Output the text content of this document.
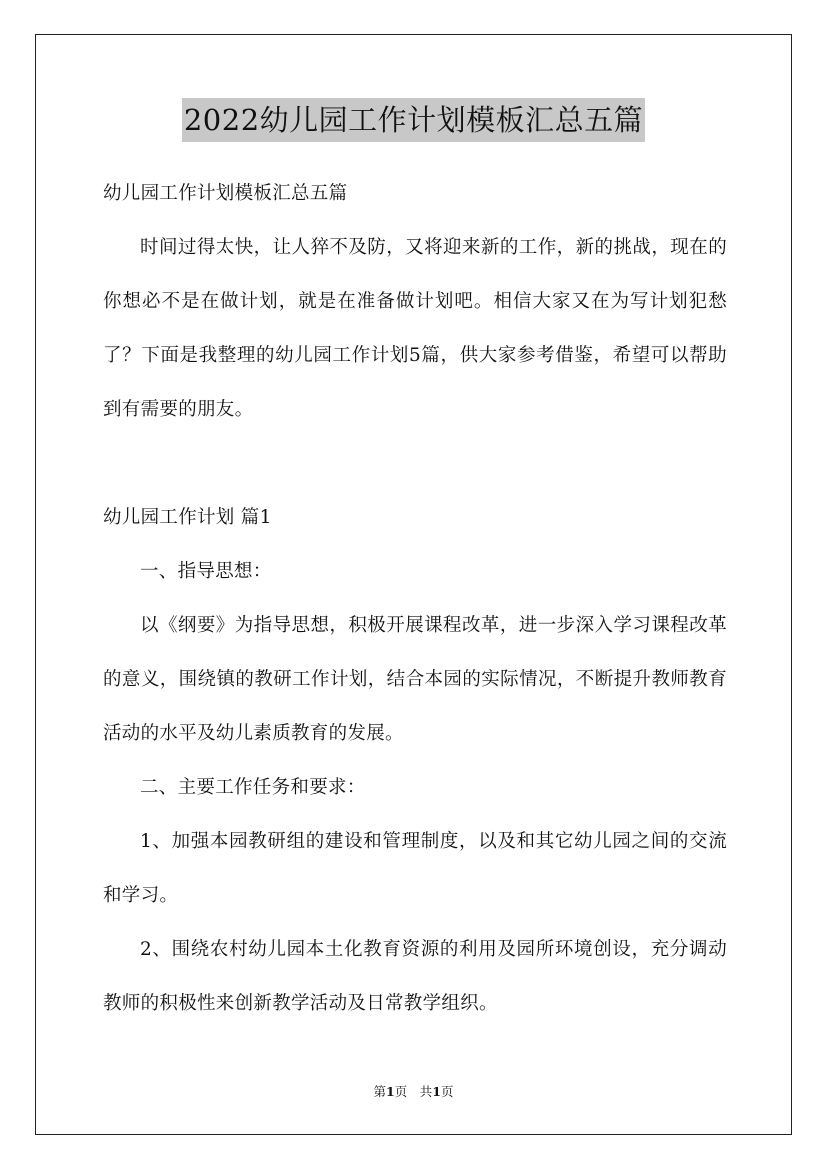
2022幼儿园工作计划模板汇总五篇

幼儿园工作计划模板汇总五篇

时间过得太快，让人猝不及防，又将迎来新的工作，新的挑战，现在的你想必不是在做计划，就是在准备做计划吧。相信大家又在为写计划犯愁了？下面是我整理的幼儿园工作计划5篇，供大家参考借鉴，希望可以帮助到有需要的朋友。

幼儿园工作计划 篇1

一、指导思想：

以《纲要》为指导思想，积极开展课程改革，进一步深入学习课程改革的意义，围绕镇的教研工作计划，结合本园的实际情况，不断提升教师教育活动的水平及幼儿素质教育的发展。

二、主要工作任务和要求：

1、加强本园教研组的建设和管理制度，以及和其它幼儿园之间的交流和学习。

2、围绕农村幼儿园本土化教育资源的利用及园所环境创设，充分调动教师的积极性来创新教学活动及日常教学组织。

第1页　共1页
